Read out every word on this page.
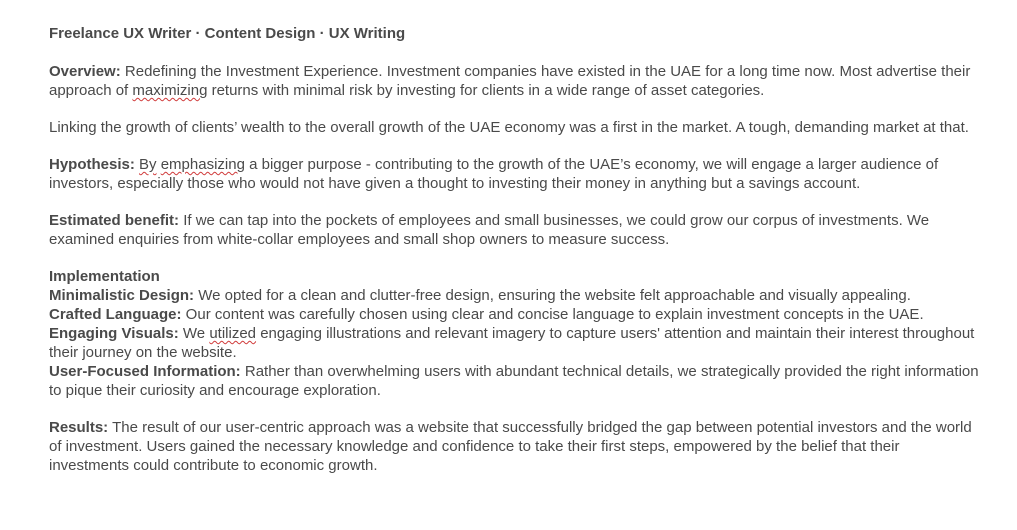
Freelance UX Writer · Content Design · UX Writing

Overview: Redefining the Investment Experience. Investment companies have existed in the UAE for a long time now. Most advertise their approach of maximizing returns with minimal risk by investing for clients in a wide range of asset categories.

Linking the growth of clients’ wealth to the overall growth of the UAE economy was a first in the market. A tough, demanding market at that.

Hypothesis: By emphasizing a bigger purpose - contributing to the growth of the UAE’s economy, we will engage a larger audience of investors, especially those who would not have given a thought to investing their money in anything but a savings account.

Estimated benefit: If we can tap into the pockets of employees and small businesses, we could grow our corpus of investments. We examined enquiries from white-collar employees and small shop owners to measure success.

Implementation

Minimalistic Design: We opted for a clean and clutter-free design, ensuring the website felt approachable and visually appealing.

Crafted Language: Our content was carefully chosen using clear and concise language to explain investment concepts in the UAE.

Engaging Visuals: We utilized engaging illustrations and relevant imagery to capture users' attention and maintain their interest throughout their journey on the website.

User-Focused Information: Rather than overwhelming users with abundant technical details, we strategically provided the right information to pique their curiosity and encourage exploration.

Results: The result of our user-centric approach was a website that successfully bridged the gap between potential investors and the world of investment. Users gained the necessary knowledge and confidence to take their first steps, empowered by the belief that their investments could contribute to economic growth.
